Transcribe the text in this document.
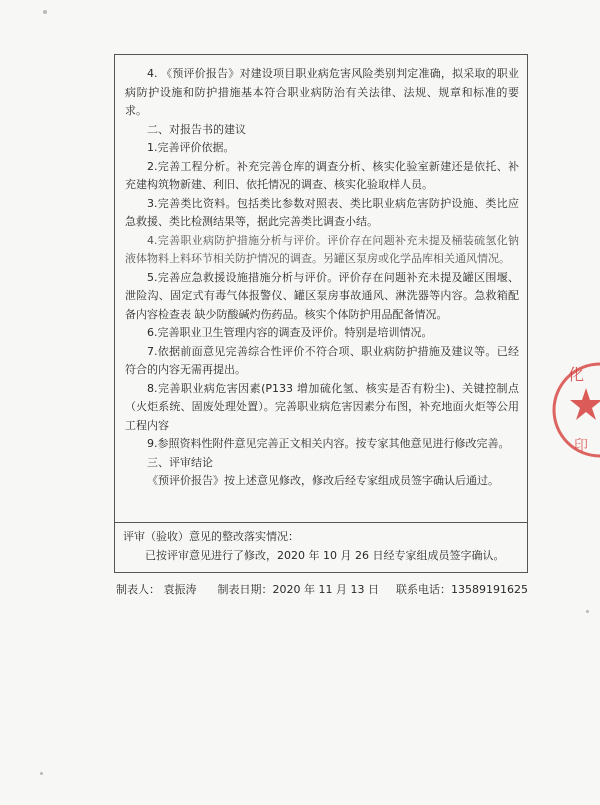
4. 《预评价报告》对建设项目职业病危害风险类别判定准确，拟采取的职业病防护设施和防护措施基本符合职业病防治有关法律、法规、规章和标准的要求。

二、对报告书的建议

1.完善评价依据。

2.完善工程分析。补充完善仓库的调查分析、核实化验室新建还是依托、补充建构筑物新建、利旧、依托情况的调查、核实化验取样人员。

3.完善类比资料。包括类比参数对照表、类比职业病危害防护设施、类比应急救援、类比检测结果等，据此完善类比调查小结。

4.完善职业病防护措施分析与评价。评价存在问题补充未提及桶装硫氢化钠液体物料上料环节相关防护情况的调查。另罐区泵房或化学品库相关通风情况。

5.完善应急救援设施措施分析与评价。评价存在问题补充未提及罐区围堰、泄险沟、固定式有毒气体报警仪、罐区泵房事故通风、淋洗器等内容。急救箱配备内容检查表 缺少防酸碱灼伤药品。核实个体防护用品配备情况。

6.完善职业卫生管理内容的调查及评价。特别是培训情况。

7.依据前面意见完善综合性评价不符合项、职业病防护措施及建议等。已经符合的内容无需再提出。

8.完善职业病危害因素(P133 增加硫化氢、核实是否有粉尘)、关键控制点（火炬系统、固废处理处置）。完善职业病危害因素分布图，补充地面火炬等公用工程内容

9.参照资料性附件意见完善正文相关内容。按专家其他意见进行修改完善。

三、评审结论

《预评价报告》按上述意见修改，修改后经专家组成员签字确认后通过。

评审（验收）意见的整改落实情况：

已按评审意见进行了修改，2020 年 10 月 26 日经专家组成员签字确认。

制表人： 袁振涛 制表日期：2020 年 11 月 13 日 联系电话：13589191625
化
印
